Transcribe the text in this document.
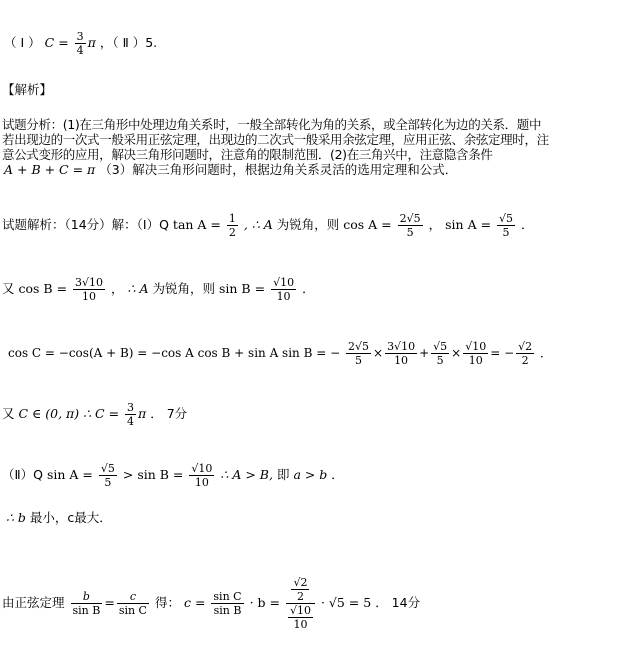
（ Ⅰ ） $C = \frac{3}{4}$ π ，（ Ⅱ ）5.
【解析】
试题分析：(1)在三角形中处理边角关系时，一般全部转化为角的关系，或全部转化为边的关系．题中
若出现边的一次式一般采用正弦定理，出现边的二次式一般采用余弦定理，应用正弦、余弦定理时，注
意公式变形的应用，解决三角形问题时，注意角的限制范围．(2)在三角兴中，注意隐含条件
A + B + C = π （3）解决三角形问题时，根据边角关系灵活的选用定理和公式．
试题解析：（14分）解：（Ⅰ）Q $\tan A = \frac{1}{2}$ , ∴ A 为锐角，则 $\cos A = \frac{2√5}{5}$ ， $\sin A = \frac{√5}{5}$ ．
又 $\cos B = \frac{3√10}{10}$ ， ∴ A 为锐角，则 $\sin B = \frac{√10}{10}$ ．
cos C = −cos(A + B) = −cos A cos B + sin A sin B = − $\frac{2√5}{5} \times \frac{3√10}{10} + \frac{√5}{5} \times \frac{√10}{10}$ = − $\frac{√2}{2}$ ．
又 C ∈ (0, π) ∴ $C = \frac{3}{4}$ π ． 7分
（Ⅱ）Q $\sin A = \frac{√5}{5} > \sin B = \frac{√10}{10}$ ∴ A > B, 即 a > b ．
∴ b 最小，c最大．
由正弦定理 $\frac{b}{\text{sin B}} = \frac{c}{\text{sin C}}$ 得： $c = \frac{\text{sin C}}{\text{sin B}} \cdot b = \frac{\frac{√2}{2}}{\frac{√10}{10}} \cdot √5 = 5$ ． 14分
